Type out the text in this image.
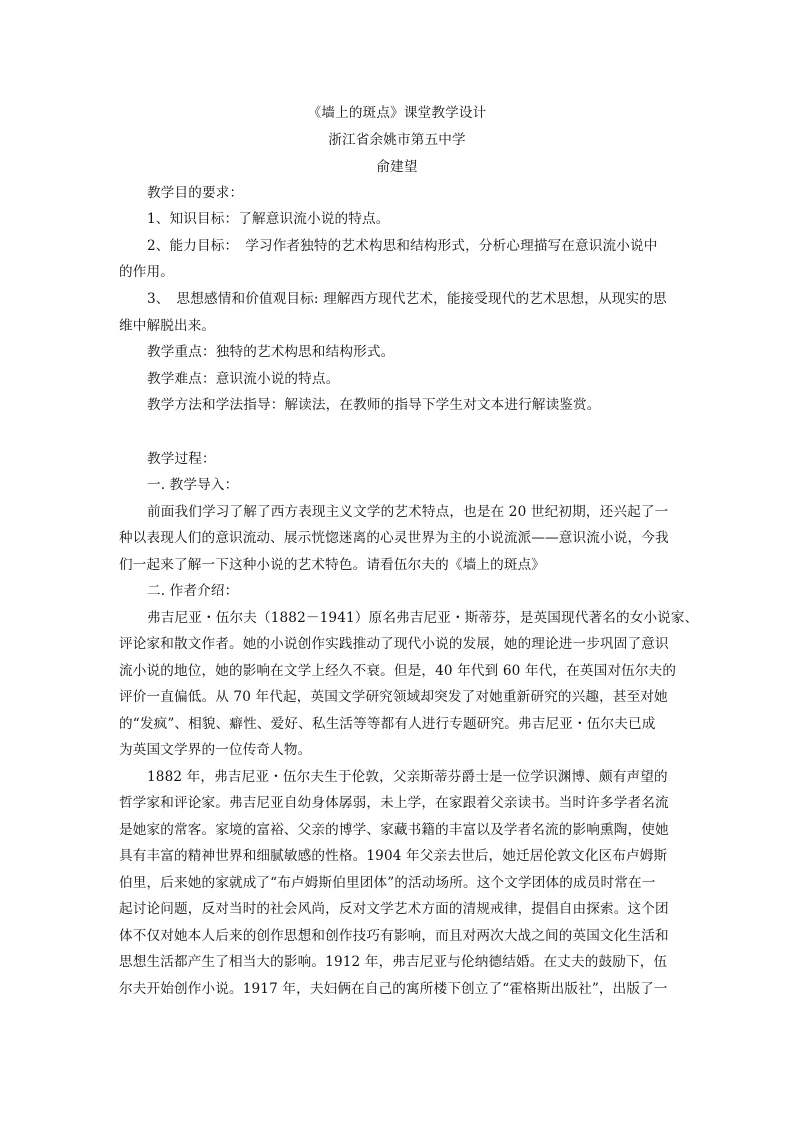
《墙上的斑点》课堂教学设计
浙江省余姚市第五中学
俞建望
教学目的要求：
1、知识目标：了解意识流小说的特点。
2、能力目标：　学习作者独特的艺术构思和结构形式，分析心理描写在意识流小说中
的作用。
3、　思想感情和价值观目标: 理解西方现代艺术，能接受现代的艺术思想，从现实的思
维中解脱出来。
教学重点：独特的艺术构思和结构形式。
教学难点：意识流小说的特点。
教学方法和学法指导：解读法，在教师的指导下学生对文本进行解读鉴赏。
教学过程：
一. 教学导入：
前面我们学习了解了西方表现主义文学的艺术特点，也是在 20 世纪初期，还兴起了一
种以表现人们的意识流动、展示恍惚迷离的心灵世界为主的小说流派——意识流小说，今我
们一起来了解一下这种小说的艺术特色。请看伍尔夫的《墙上的斑点》
二. 作者介绍：
弗吉尼亚・伍尔夫（1882－1941）原名弗吉尼亚・斯蒂芬，是英国现代著名的女小说家、
评论家和散文作者。她的小说创作实践推动了现代小说的发展，她的理论进一步巩固了意识
流小说的地位，她的影响在文学上经久不衰。但是，40 年代到 60 年代，在英国对伍尔夫的
评价一直偏低。从 70 年代起，英国文学研究领域却突发了对她重新研究的兴趣，甚至对她
的“发疯”、相貌、癖性、爱好、私生活等等都有人进行专题研究。弗吉尼亚・伍尔夫已成
为英国文学界的一位传奇人物。
1882 年，弗吉尼亚・伍尔夫生于伦敦，父亲斯蒂芬爵士是一位学识渊博、颇有声望的
哲学家和评论家。弗吉尼亚自幼身体孱弱，未上学，在家跟着父亲读书。当时许多学者名流
是她家的常客。家境的富裕、父亲的博学、家藏书籍的丰富以及学者名流的影响熏陶，使她
具有丰富的精神世界和细腻敏感的性格。1904 年父亲去世后，她迁居伦敦文化区布卢姆斯
伯里，后来她的家就成了“布卢姆斯伯里团体”的活动场所。这个文学团体的成员时常在一
起讨论问题，反对当时的社会风尚，反对文学艺术方面的清规戒律，提倡自由探索。这个团
体不仅对她本人后来的创作思想和创作技巧有影响，而且对两次大战之间的英国文化生活和
思想生活都产生了相当大的影响。1912 年，弗吉尼亚与伦纳德结婚。在丈夫的鼓励下，伍
尔夫开始创作小说。1917 年，夫妇俩在自己的寓所楼下创立了“霍格斯出版社”，出版了一
